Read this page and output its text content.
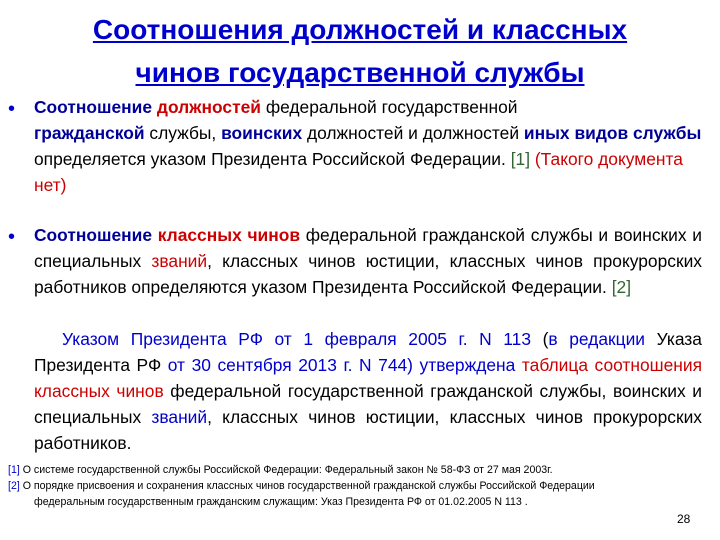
Соотношения должностей и классных
чинов государственной службы
• Соотношение должностей федеральной государственной
гражданской службы, воинских должностей и должностей иных видов службы определяется указом Президента Российской Федерации. [1] (Такого документа нет)
• Соотношение классных чинов федеральной гражданской службы и воинских и специальных званий, классных чинов юстиции, классных чинов прокурорских работников определяются указом Президента Российской Федерации. [2]
Указом Президента РФ от 1 февраля 2005 г. N 113 (в редакции Указа Президента РФ от 30 сентября 2013 г. N 744) утверждена таблица соотношения классных чинов федеральной государственной гражданской службы, воинских и специальных званий, классных чинов юстиции, классных чинов прокурорских работников.
[1] О системе государственной службы Российской Федерации: Федеральный закон № 58-ФЗ от 27 мая 2003г.
[2] О порядке присвоения и сохранения классных чинов государственной гражданской службы Российской Федерации
федеральным государственным гражданским служащим: Указ Президента РФ от 01.02.2005 N 113 .
28
